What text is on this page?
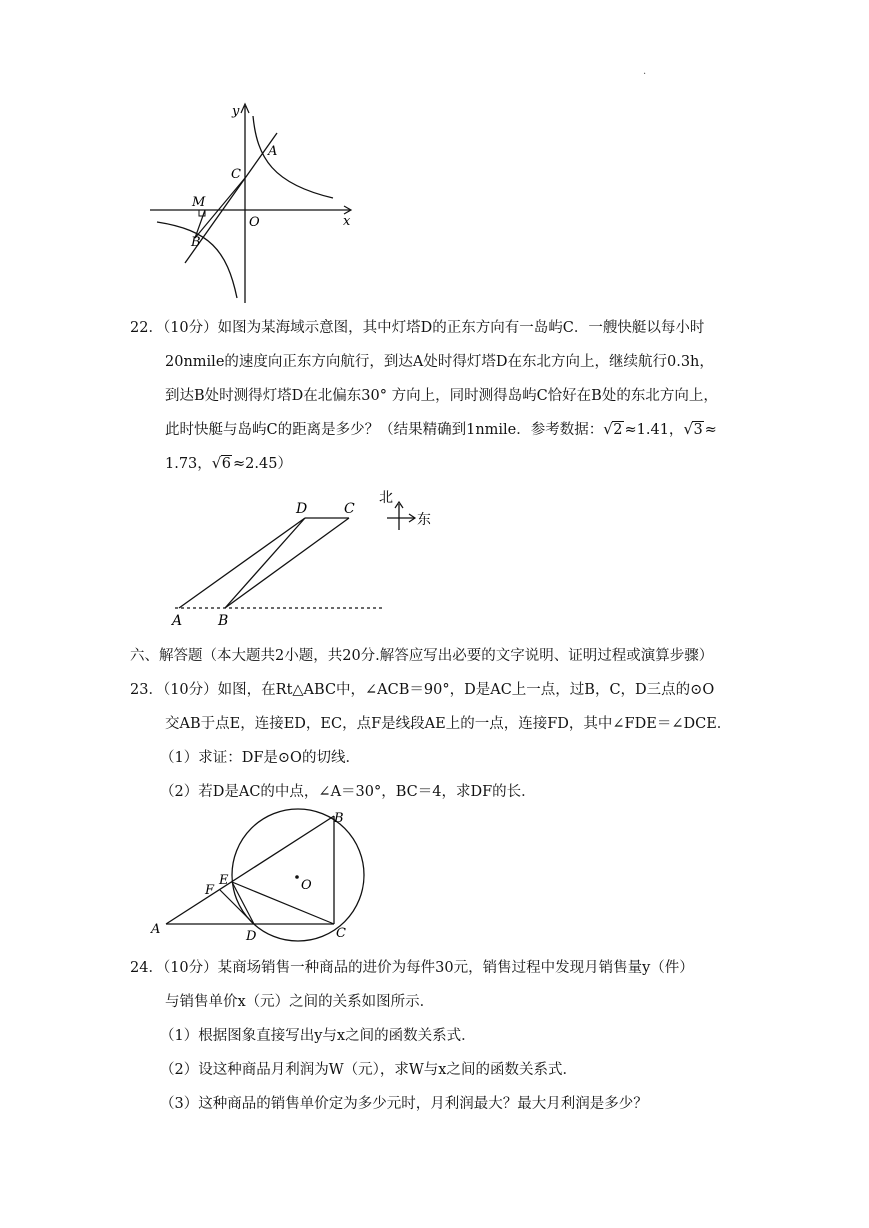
.
y
x
O
A
B
C
M
22．（10分）如图为某海域示意图，其中灯塔D的正东方向有一岛屿C．一艘快艇以每小时
20nmile的速度向正东方向航行，到达A处时得灯塔D在东北方向上，继续航行0.3h，
到达B处时测得灯塔D在北偏东30° 方向上，同时测得岛屿C恰好在B处的东北方向上，
此时快艇与岛屿C的距离是多少？（结果精确到1nmile．参考数据： √ 2 ≈1.41， √ 3 ≈
1.73， √ 6 ≈2.45）
D	C
A	B
北
东
六、解答题（本大题共2小题，共20分.解答应写出必要的文字说明、证明过程或演算步骤）
23．（10分）如图，在Rt△ABC中，∠ACB＝90°，D是AC上一点，过B，C，D三点的⊙O
交AB于点E，连接ED，EC，点F是线段AE上的一点，连接FD，其中∠FDE＝∠DCE．
（1）求证：DF是⊙O的切线．
（2）若D是AC的中点，∠A＝30°，BC＝4，求DF的长．
O
B
C
D
A
E
F
24．（10分）某商场销售一种商品的进价为每件30元，销售过程中发现月销售量y（件）
与销售单价x（元）之间的关系如图所示．
（1）根据图象直接写出y与x之间的函数关系式．
（2）设这种商品月利润为W（元），求W与x之间的函数关系式．
（3）这种商品的销售单价定为多少元时，月利润最大？最大月利润是多少？
